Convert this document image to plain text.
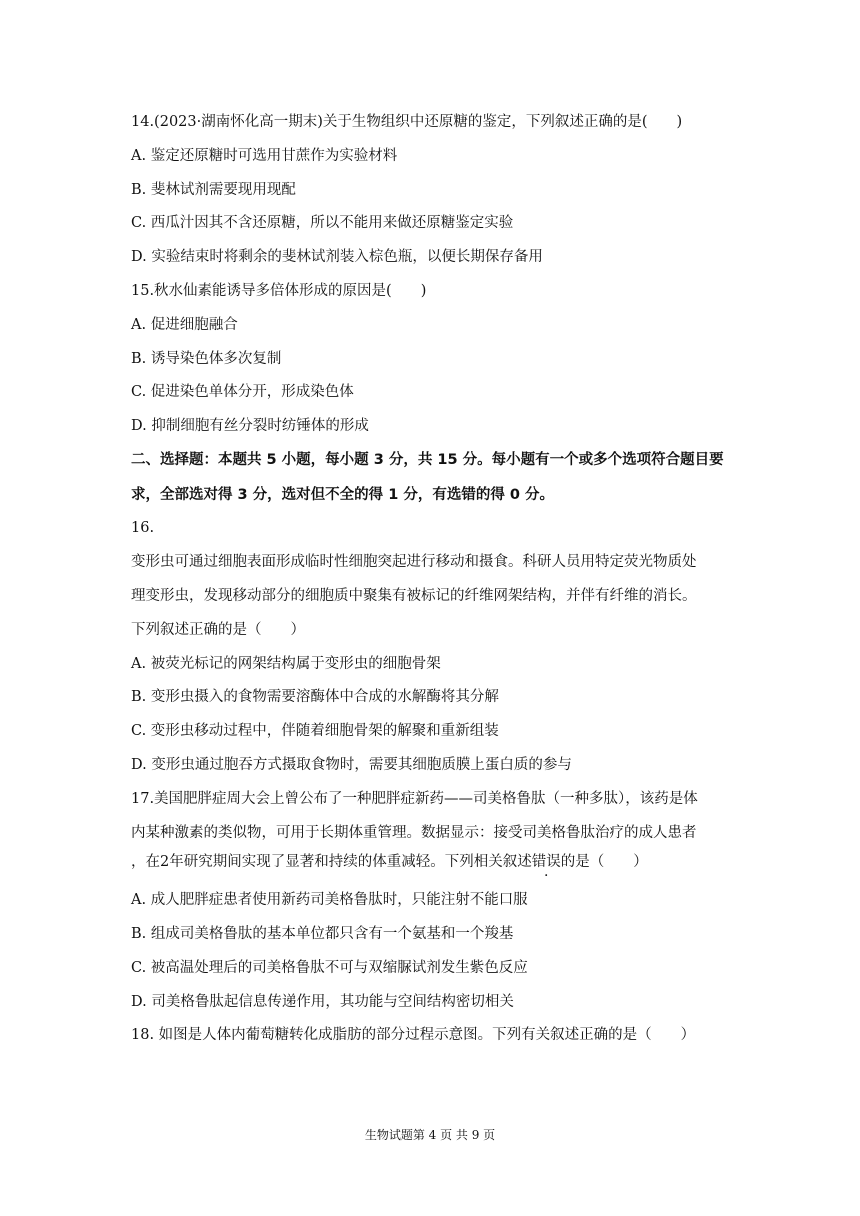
14.(2023·湖南怀化高一期末)关于生物组织中还原糖的鉴定，下列叙述正确的是(　　)
A. 鉴定还原糖时可选用甘蔗作为实验材料
B. 斐林试剂需要现用现配
C. 西瓜汁因其不含还原糖，所以不能用来做还原糖鉴定实验
D. 实验结束时将剩余的斐林试剂装入棕色瓶，以便长期保存备用
15.秋水仙素能诱导多倍体形成的原因是(　　)
A. 促进细胞融合
B. 诱导染色体多次复制
C. 促进染色单体分开，形成染色体
D. 抑制细胞有丝分裂时纺锤体的形成
二、选择题：本题共 5 小题，每小题 3 分，共 15 分。每小题有一个或多个选项符合题目要
求，全部选对得 3 分，选对但不全的得 1 分，有选错的得 0 分。
16.
变形虫可通过细胞表面形成临时性细胞突起进行移动和摄食。科研人员用特定荧光物质处
理变形虫，发现移动部分的细胞质中聚集有被标记的纤维网架结构，并伴有纤维的消长。
下列叙述正确的是（　　）
A. 被荧光标记的网架结构属于变形虫的细胞骨架
B. 变形虫摄入的食物需要溶酶体中合成的水解酶将其分解
C. 变形虫移动过程中，伴随着细胞骨架的解聚和重新组装
D. 变形虫通过胞吞方式摄取食物时，需要其细胞质膜上蛋白质的参与
17.美国肥胖症周大会上曾公布了一种肥胖症新药——司美格鲁肽（一种多肽），该药是体
内某种激素的类似物，可用于长期体重管理。数据显示：接受司美格鲁肽治疗的成人患者
，在2年研究期间实现了显著和持续的体重减轻。下列相关叙述错误的是（　　）
A. 成人肥胖症患者使用新药司美格鲁肽时，只能注射不能口服
B. 组成司美格鲁肽的基本单位都只含有一个氨基和一个羧基
C. 被高温处理后的司美格鲁肽不可与双缩脲试剂发生紫色反应
D. 司美格鲁肽起信息传递作用，其功能与空间结构密切相关
18. 如图是人体内葡萄糖转化成脂肪的部分过程示意图。下列有关叙述正确的是（　　）
生物试题第 4 页 共 9 页
